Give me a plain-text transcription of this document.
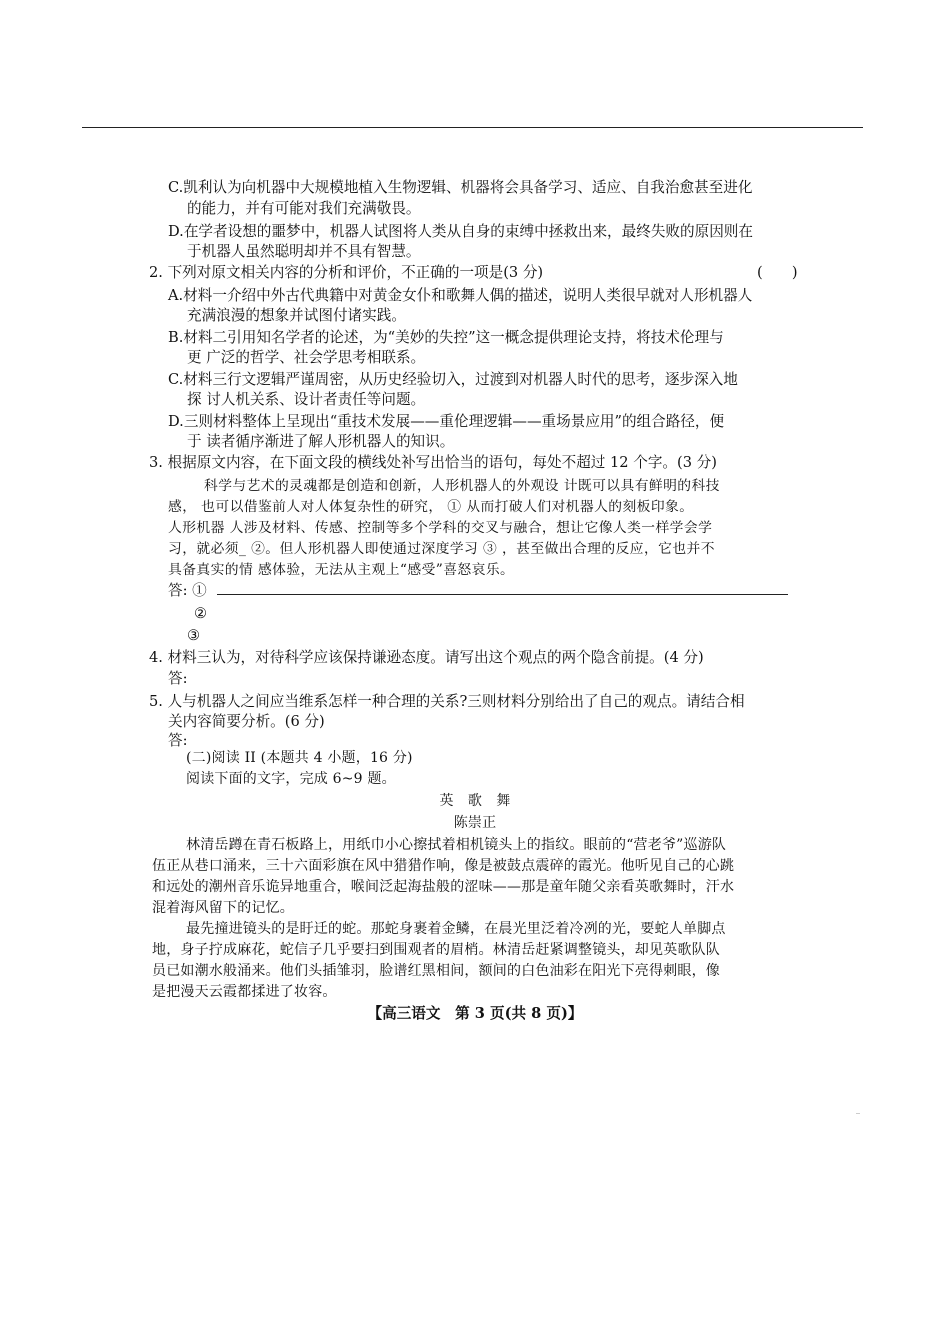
C.凯利认为向机器中大规模地植入生物逻辑、机器将会具备学习、适应、自我治愈甚至进化
的能力，并有可能对我们充满敬畏。
D.在学者设想的噩梦中，机器人试图将人类从自身的束缚中拯救出来，最终失败的原因则在
于机器人虽然聪明却并不具有智慧。
2. 下列对原文相关内容的分析和评价，不正确的一项是(3 分)	(　　)
A.材料一介绍中外古代典籍中对黄金女仆和歌舞人偶的描述，说明人类很早就对人形机器人
充满浪漫的想象并试图付诸实践。
B.材料二引用知名学者的论述，为“美妙的失控”这一概念提供理论支持，将技术伦理与
更 广泛的哲学、社会学思考相联系。
C.材料三行文逻辑严谨周密，从历史经验切入，过渡到对机器人时代的思考，逐步深入地
探 讨人机关系、设计者责任等问题。
D.三则材料整体上呈现出“重技术发展——重伦理逻辑——重场景应用”的组合路径，便
于 读者循序渐进了解人形机器人的知识。
3. 根据原文内容，在下面文段的横线处补写出恰当的语句，每处不超过 12 个字。(3 分)
科学与艺术的灵魂都是创造和创新，人形机器人的外观设 计既可以具有鲜明的科技
感， 也可以借鉴前人对人体复杂性的研究， ① 从而打破人们对机器人的刻板印象。
人形机器 人涉及材料、传感、控制等多个学科的交叉与融合，想让它像人类一样学会学
习，就必须_ ②。但人形机器人即使通过深度学习 ③ ，甚至做出合理的反应，它也并不
具备真实的情 感体验，无法从主观上“感受”喜怒哀乐。
答: ①
②
③
4. 材料三认为，对待科学应该保持谦逊态度。请写出这个观点的两个隐含前提。(4 分)
答:
5. 人与机器人之间应当维系怎样一种合理的关系?三则材料分别给出了自己的观点。请结合相
关内容简要分析。(6 分)
答:
(二)阅读 II (本题共 4 小题，16 分)
阅读下面的文字，完成 6~9 题。
英　歌　舞
陈崇正
林清岳蹲在青石板路上，用纸巾小心擦拭着相机镜头上的指纹。眼前的“营老爷”巡游队
伍正从巷口涌来，三十六面彩旗在风中猎猎作响，像是被鼓点震碎的霞光。他听见自己的心跳
和远处的潮州音乐诡异地重合，喉间泛起海盐般的涩味——那是童年随父亲看英歌舞时，汗水
混着海风留下的记忆。
最先撞进镜头的是盱迁的蛇。那蛇身裹着金鳞，在晨光里泛着冷冽的光，要蛇人单脚点
地，身子拧成麻花，蛇信子几乎要扫到围观者的眉梢。林清岳赶紧调整镜头，却见英歌队队
员已如潮水般涌来。他们头插雏羽，脸谱红黑相间，额间的白色油彩在阳光下亮得刺眼，像
是把漫天云霞都揉进了妆容。
【高三语文　第 3 页(共 8 页)】
